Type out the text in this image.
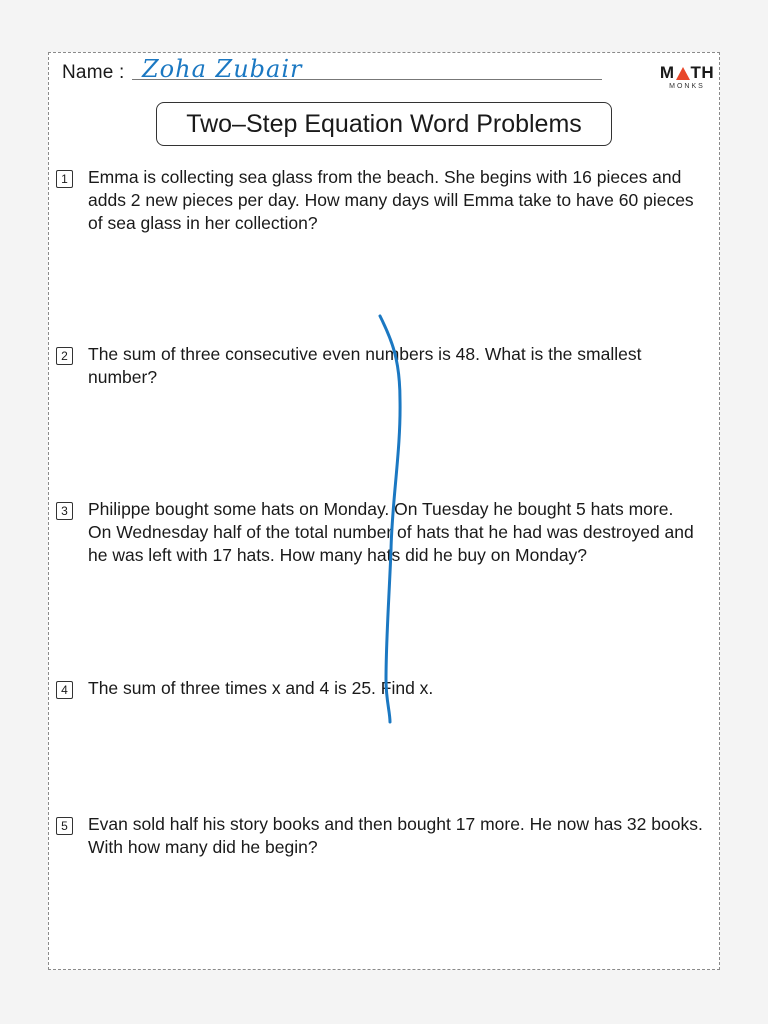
Name : Zoha Zubair	M TH
MONKS
Two–Step Equation Word Problems
1 Emma is collecting sea glass from the beach. She begins with 16 pieces and
adds 2 new pieces per day. How many days will Emma take to have 60 pieces
of sea glass in her collection?
2 The sum of three consecutive even numbers is 48. What is the smallest
number?
3 Philippe bought some hats on Monday. On Tuesday he bought 5 hats more.
On Wednesday half of the total number of hats that he had was destroyed and
he was left with 17 hats. How many hats did he buy on Monday?
4 The sum of three times x and 4 is 25. Find x.
5 Evan sold half his story books and then bought 17 more. He now has 32 books.
With how many did he begin?
